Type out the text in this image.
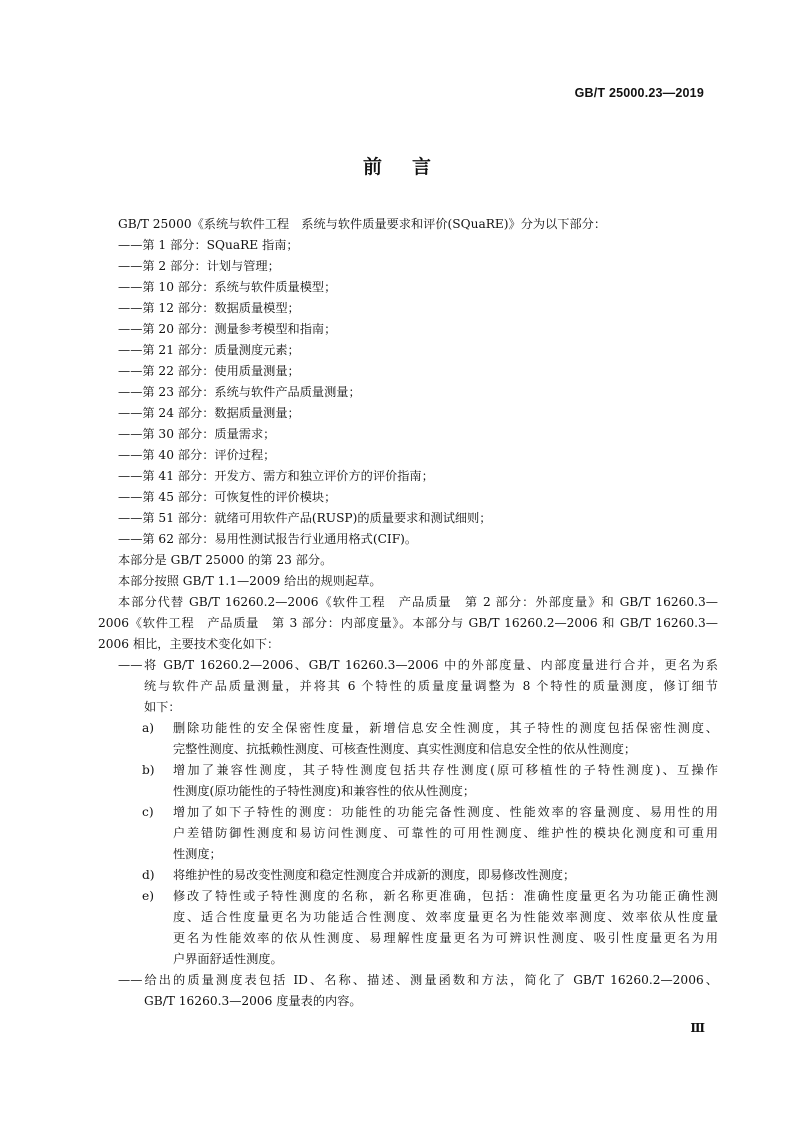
GB/T 25000.23—2019
前言
GB/T 25000《系统与软件工程　系统与软件质量要求和评价(SQuaRE)》分为以下部分：
——第 1 部分：SQuaRE 指南；
——第 2 部分：计划与管理；
——第 10 部分：系统与软件质量模型；
——第 12 部分：数据质量模型；
——第 20 部分：测量参考模型和指南；
——第 21 部分：质量测度元素；
——第 22 部分：使用质量测量；
——第 23 部分：系统与软件产品质量测量；
——第 24 部分：数据质量测量；
——第 30 部分：质量需求；
——第 40 部分：评价过程；
——第 41 部分：开发方、需方和独立评价方的评价指南；
——第 45 部分：可恢复性的评价模块；
——第 51 部分：就绪可用软件产品(RUSP)的质量要求和测试细则；
——第 62 部分：易用性测试报告行业通用格式(CIF)。
本部分是 GB/T 25000 的第 23 部分。
本部分按照 GB/T 1.1—2009 给出的规则起草。
本部分代替 GB/T 16260.2—2006《软件工程　产品质量　第 2 部分：外部度量》和 GB/T 16260.3—
2006《软件工程　产品质量　第 3 部分：内部度量》。本部分与 GB/T 16260.2—2006 和 GB/T 16260.3—
2006 相比，主要技术变化如下：
——将 GB/T 16260.2—2006、GB/T 16260.3—2006 中的外部度量、内部度量进行合并，更名为系
统与软件产品质量测量，并将其 6 个特性的质量度量调整为 8 个特性的质量测度，修订细节
如下：
a)	删除功能性的安全保密性度量，新增信息安全性测度，其子特性的测度包括保密性测度、
完整性测度、抗抵赖性测度、可核查性测度、真实性测度和信息安全性的依从性测度；
b)	增加了兼容性测度，其子特性测度包括共存性测度(原可移植性的子特性测度)、互操作
性测度(原功能性的子特性测度)和兼容性的依从性测度；
c)	增加了如下子特性的测度：功能性的功能完备性测度、性能效率的容量测度、易用性的用
户差错防御性测度和易访问性测度、可靠性的可用性测度、维护性的模块化测度和可重用
性测度；
d)	将维护性的易改变性测度和稳定性测度合并成新的测度，即易修改性测度；
e)	修改了特性或子特性测度的名称，新名称更准确，包括：准确性度量更名为功能正确性测
度、适合性度量更名为功能适合性测度、效率度量更名为性能效率测度、效率依从性度量
更名为性能效率的依从性测度、易理解性度量更名为可辨识性测度、吸引性度量更名为用
户界面舒适性测度。
——给出的质量测度表包括 ID、名称、描述、测量函数和方法，简化了 GB/T 16260.2—2006、
GB/T 16260.3—2006 度量表的内容。
Ⅲ
